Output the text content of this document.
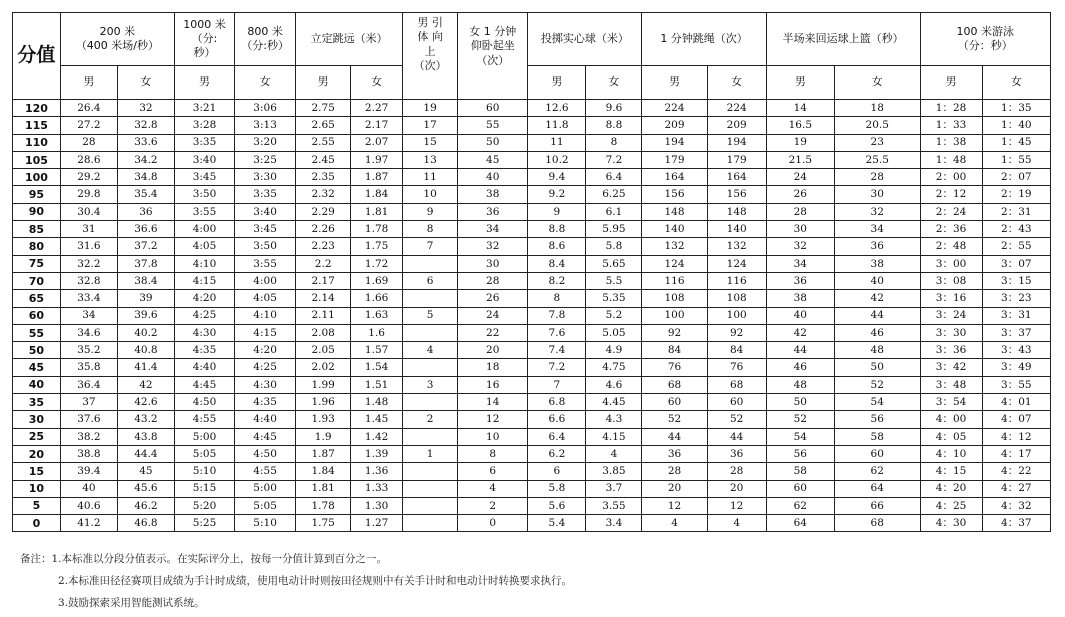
分值	200 米
（400 米场/秒）		1000 米
（分:
秒）	800 米
（分:秒）	立定跳远（米）		男 引
体 向
上
（次）	女 1 分钟
仰卧起坐
（次）	投掷实心球（米）		1 分钟跳绳（次）		半场来回运球上篮（秒）		100 米游泳
（分：秒）	
	男	女	男	女	男	女			男	女	男	女	男	女	男	女
120	26.4	32	3:21	3:06	2.75	2.27	19	60	12.6	9.6	224	224	14	18	1：28	1：35
115	27.2	32.8	3:28	3:13	2.65	2.17	17	55	11.8	8.8	209	209	16.5	20.5	1：33	1：40
110	28	33.6	3:35	3:20	2.55	2.07	15	50	11	8	194	194	19	23	1：38	1：45
105	28.6	34.2	3:40	3:25	2.45	1.97	13	45	10.2	7.2	179	179	21.5	25.5	1：48	1：55
100	29.2	34.8	3:45	3:30	2.35	1.87	11	40	9.4	6.4	164	164	24	28	2：00	2：07
95	29.8	35.4	3:50	3:35	2.32	1.84	10	38	9.2	6.25	156	156	26	30	2：12	2：19
90	30.4	36	3:55	3:40	2.29	1.81	9	36	9	6.1	148	148	28	32	2：24	2：31
85	31	36.6	4:00	3:45	2.26	1.78	8	34	8.8	5.95	140	140	30	34	2：36	2：43
80	31.6	37.2	4:05	3:50	2.23	1.75	7	32	8.6	5.8	132	132	32	36	2：48	2：55
75	32.2	37.8	4:10	3:55	2.2	1.72		30	8.4	5.65	124	124	34	38	3：00	3：07
70	32.8	38.4	4:15	4:00	2.17	1.69	6	28	8.2	5.5	116	116	36	40	3：08	3：15
65	33.4	39	4:20	4:05	2.14	1.66		26	8	5.35	108	108	38	42	3：16	3：23
60	34	39.6	4:25	4:10	2.11	1.63	5	24	7.8	5.2	100	100	40	44	3：24	3：31
55	34.6	40.2	4:30	4:15	2.08	1.6		22	7.6	5.05	92	92	42	46	3：30	3：37
50	35.2	40.8	4:35	4:20	2.05	1.57	4	20	7.4	4.9	84	84	44	48	3：36	3：43
45	35.8	41.4	4:40	4:25	2.02	1.54		18	7.2	4.75	76	76	46	50	3：42	3：49
40	36.4	42	4:45	4:30	1.99	1.51	3	16	7	4.6	68	68	48	52	3：48	3：55
35	37	42.6	4:50	4:35	1.96	1.48		14	6.8	4.45	60	60	50	54	3：54	4：01
30	37.6	43.2	4:55	4:40	1.93	1.45	2	12	6.6	4.3	52	52	52	56	4：00	4：07
25	38.2	43.8	5:00	4:45	1.9	1.42		10	6.4	4.15	44	44	54	58	4：05	4：12
20	38.8	44.4	5:05	4:50	1.87	1.39	1	8	6.2	4	36	36	56	60	4：10	4：17
15	39.4	45	5:10	4:55	1.84	1.36		6	6	3.85	28	28	58	62	4：15	4：22
10	40	45.6	5:15	5:00	1.81	1.33		4	5.8	3.7	20	20	60	64	4：20	4：27
5	40.6	46.2	5:20	5:05	1.78	1.30		2	5.6	3.55	12	12	62	66	4：25	4：32
0	41.2	46.8	5:25	5:10	1.75	1.27		0	5.4	3.4	4	4	64	68	4：30	4：37

备注：1.本标准以分段分值表示。在实际评分上，按每一分值计算到百分之一。

2.本标准田径径赛项目成绩为手计时成绩，使用电动计时则按田径规则中有关手计时和电动计时转换要求执行。

3.鼓励探索采用智能测试系统。
